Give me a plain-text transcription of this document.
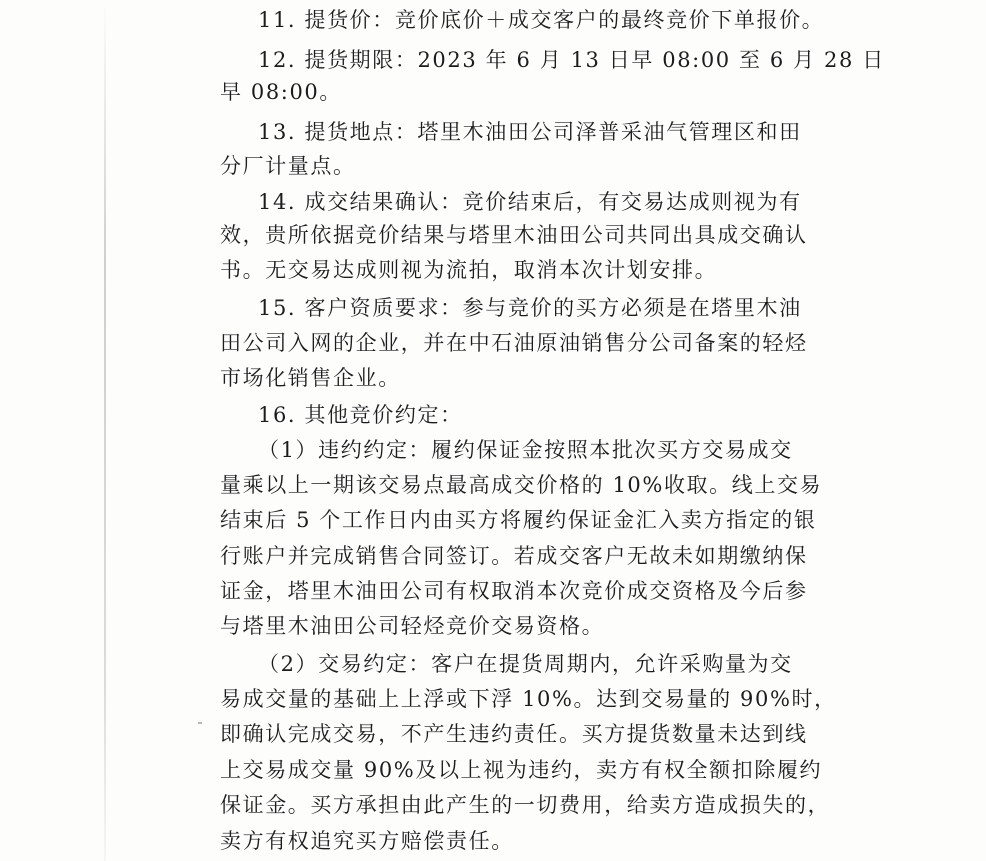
11. 提货价：竞价底价＋成交客户的最终竞价下单报价。
12. 提货期限：2023 年 6 月 13 日早 08:00 至 6 月 28 日
早 08:00。
13. 提货地点：塔里木油田公司泽普采油气管理区和田
分厂计量点。
14. 成交结果确认：竞价结束后，有交易达成则视为有
效，贵所依据竞价结果与塔里木油田公司共同出具成交确认
书。无交易达成则视为流拍，取消本次计划安排。
15. 客户资质要求：参与竞价的买方必须是在塔里木油
田公司入网的企业，并在中石油原油销售分公司备案的轻烃
市场化销售企业。
16. 其他竞价约定：
（1）违约约定：履约保证金按照本批次买方交易成交
量乘以上一期该交易点最高成交价格的 10%收取。线上交易
结束后 5 个工作日内由买方将履约保证金汇入卖方指定的银
行账户并完成销售合同签订。若成交客户无故未如期缴纳保
证金，塔里木油田公司有权取消本次竞价成交资格及今后参
与塔里木油田公司轻烃竞价交易资格。
（2）交易约定：客户在提货周期内，允许采购量为交
易成交量的基础上上浮或下浮 10%。达到交易量的 90%时，
即确认完成交易，不产生违约责任。买方提货数量未达到线
上交易成交量 90%及以上视为违约，卖方有权全额扣除履约
保证金。买方承担由此产生的一切费用，给卖方造成损失的，
卖方有权追究买方赔偿责任。
